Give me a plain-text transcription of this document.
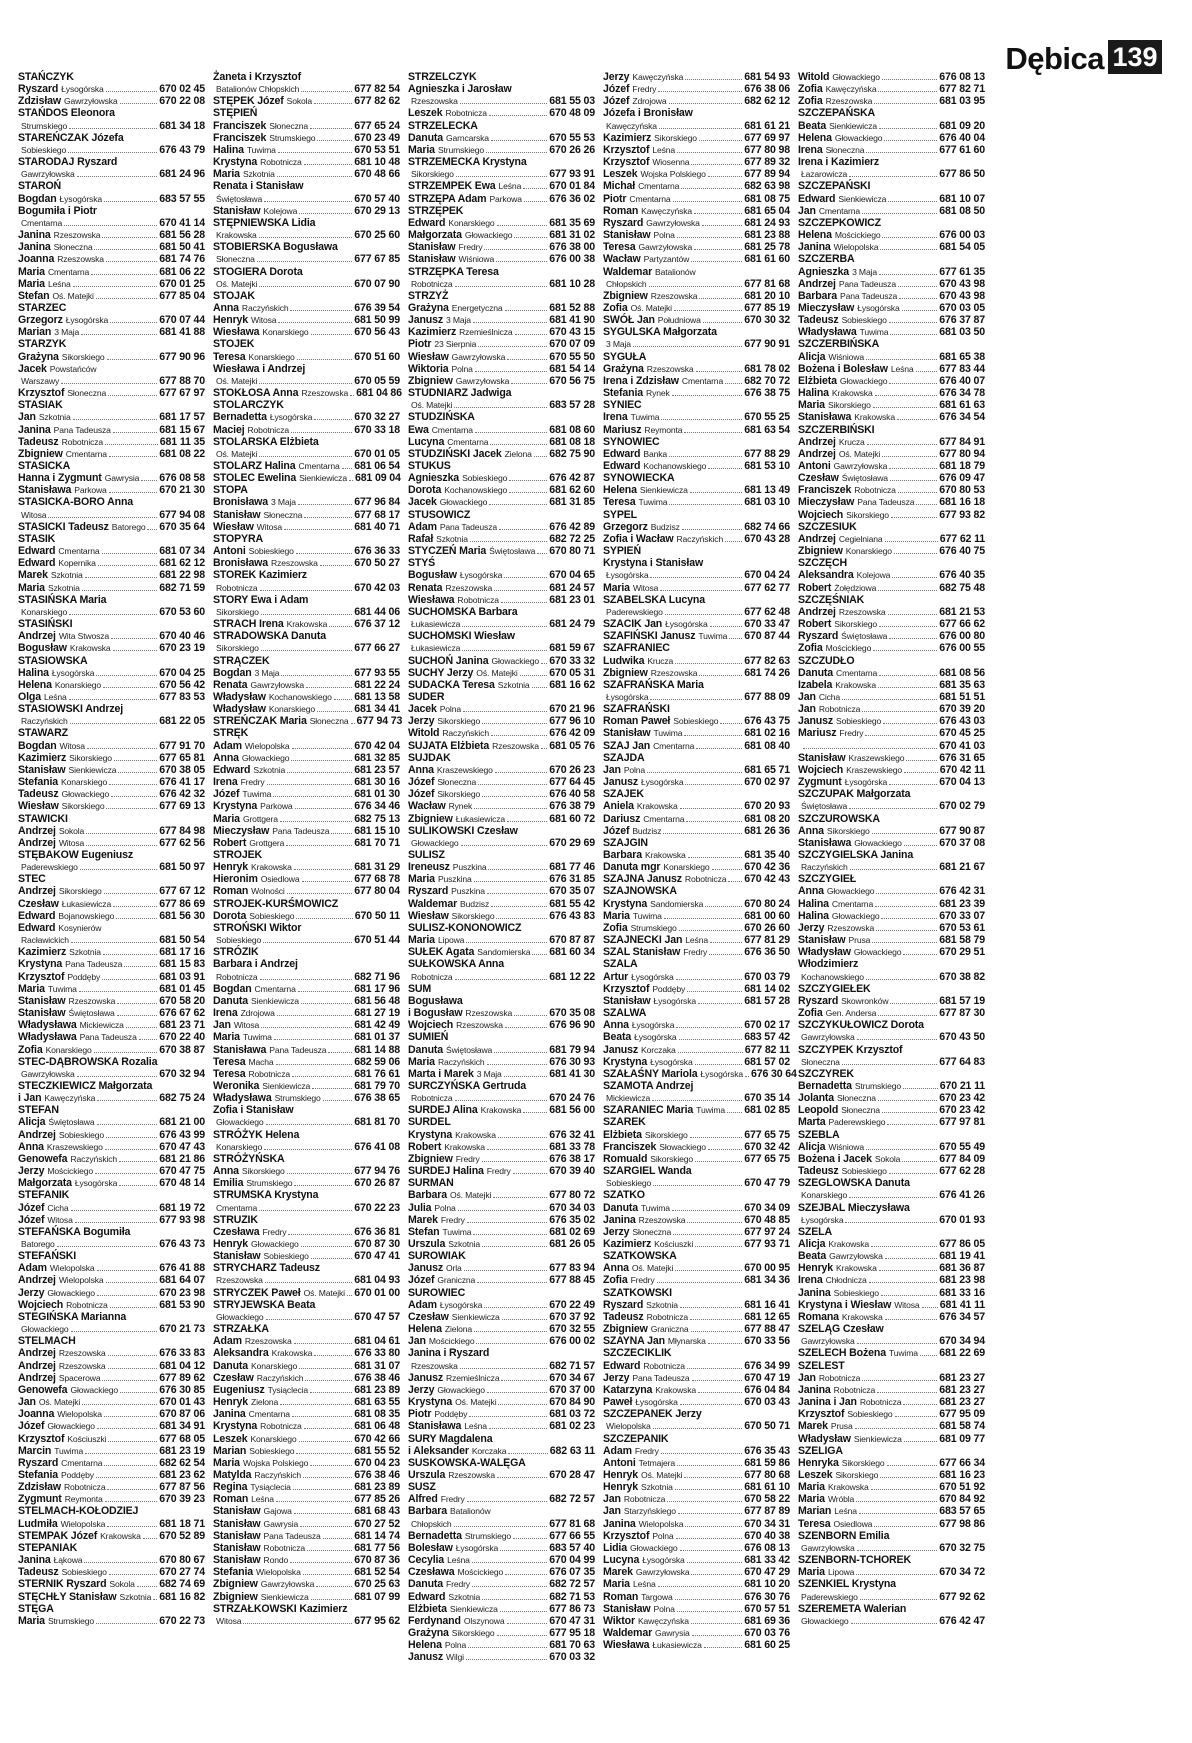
Dębica 139
STAŃCZYK
Ryszard Łysogórska	670 02 45
Zdzisław Gawrzyłowska	670 22 08
STAŃDOS Eleonora
Strumskiego	681 34 18
STAREŃCZAK Józefa
Sobieskiego	676 43 79
STARODAJ Ryszard
Gawrzyłowska	681 24 96
STAROŃ
Bogdan Łysogórska	683 57 55
Bogumiła i Piotr
Cmentarna	670 41 14
Janina Rzeszowska	681 56 28
Janina Słoneczna	681 50 41
Joanna Rzeszowska	681 74 76
Maria Cmentarna	681 06 22
Maria Leśna	670 01 25
Stefan Oś. Matejki	677 85 04
STARZEC
Grzegorz Łysogórska	670 07 44
Marian 3 Maja	681 41 88
STARZYK
Grażyna Sikorskiego	677 90 96
Jacek Powstańców
Warszawy	677 88 70
Krzysztof Słoneczna	677 67 97
STASIAK
Jan Szkotnia	681 17 57
Janina Pana Tadeusza	681 15 67
Tadeusz Robotnicza	681 11 35
Zbigniew Cmentarna	681 08 22
STASICKA
Hanna i Zygmunt Gawrysia 676 08 58
Stanisława Parkowa	670 21 30
STASICKA-BORO Anna
Witosa	677 94 08
STASICKI Tadeusz Batorego 670 35 64
STASIK
Edward Cmentarna	681 07 34
Edward Kopernika	681 62 12
Marek Szkotnia	681 22 98
Maria Szkotnia	682 71 59
STASIŃSKA Maria
Konarskiego	670 53 60
STASIŃSKI
Andrzej Wita Stwosza	670 40 46
Bogusław Krakowska	670 23 19
STASIOWSKA
Halina Łysogórska	670 04 25
Helena Konarskiego	670 56 42
Olga Leśna	677 83 53
STASIOWSKI Andrzej
Raczyńskich	681 22 05
STAWARZ
Bogdan Witosa	677 91 70
Kazimierz Sikorskiego	677 65 81
Stanisław Sienkiewicza	670 38 05
Stefania Konarskiego	676 41 17
Tadeusz Głowackiego	676 42 32
Wiesław Sikorskiego	677 69 13
STAWICKI
Andrzej Sokola	677 84 98
Andrzej Witosa	677 62 56
STĘBAKOW Eugeniusz
Paderewskiego	681 50 97
STEC
Andrzej Sikorskiego	677 67 12
Czesław Łukasiewicza	677 86 69
Edward Bojanowskiego	681 56 30
Edward Kosynierów
Racławickich	681 50 54
Kazimierz Szkotnia	681 17 16
Krystyna Pana Tadeusza	681 15 83
Krzysztof Poddęby	681 03 91
Maria Tuwima	681 01 45
Stanisław Rzeszowska	670 58 20
Stanisław Świętosława	676 67 62
Władysława Mickiewicza	681 23 71
Władysława Pana Tadeusza 670 22 40
Zofia Konarskiego	670 38 87
STEC-DĄBROWSKA Rozalia
Gawrzyłowska	670 32 94
STECZKIEWICZ Małgorzata
i Jan Kawęczyńska	682 75 24
STEFAN
Alicja Świętosława	681 21 00
Andrzej Sobieskiego	676 43 99
Anna Kraszewskiego	670 47 43
Genowefa Raczyńskich	681 21 86
Jerzy Mościckiego	670 47 75
Małgorzata Łysogórska	670 48 14
STEFANIK
Józef Cicha	681 19 72
Józef Witosa	677 93 98
STEFAŃSKA Bogumiła
Batorego	676 43 73
STEFAŃSKI
Adam Wielopolska	676 41 88
Andrzej Wielopolska	681 64 07
Jerzy Głowackiego	670 23 98
Wojciech Robotnicza	681 53 90
STEGIŃSKA Marianna
Głowackiego	670 21 73
STELMACH
Andrzej Rzeszowska	676 33 83
Andrzej Rzeszowska	681 04 12
Andrzej Spacerowa	677 89 62
Genowefa Głowackiego	676 30 85
Jan Oś. Matejki	670 01 43
Joanna Wielopolska	670 87 06
Józef Głowackiego	681 34 91
Krzysztof Kościuszki	677 68 05
Marcin Tuwima	681 23 19
Ryszard Cmentarna	682 62 54
Stefania Poddęby	681 23 62
Zdzisław Robotnicza	677 87 56
Zygmunt Reymonta	670 39 23
STELMACH-KOŁODZIEJ
Ludmiła Wielopolska	681 18 71
STEMPAK Józef Krakowska 670 52 89
STEPANIAK
Janina Łąkowa	670 80 67
Tadeusz Sobieskiego	670 27 74
STERNIK Ryszard Sokola 682 74 69
STĘCHŁY Stanisław Szkotnia 681 16 82
STĘGA
Maria Strumskiego	670 22 73
Żaneta i Krzysztof
Batalionów Chłopskich	677 82 54
STĘPEK Józef Sokola	677 82 62
STĘPIEŃ
Franciszek Słoneczna	677 65 24
Franciszek Strumskiego	670 23 49
Halina Tuwima	670 53 51
Krystyna Robotnicza	681 10 48
Maria Szkotnia	670 48 66
Renata i Stanisław
Świętosława	670 57 40
Stanisław Kolejowa	670 29 13
STĘPNIEWSKA Lidia
Krakowska	670 25 60
STOBIERSKA Bogusława
Słoneczna	677 67 85
STOGIERA Dorota
Oś. Matejki	670 07 90
STOJAK
Anna Raczyńskich	676 39 54
Henryk Witosa	681 50 99
Wiesława Konarskiego	670 56 43
STOJEK
Teresa Konarskiego	670 51 60
Wiesława i Andrzej
Oś. Matejki	670 05 59
STOKŁOSA Anna Rzeszowska 681 04 86
STOLARCZYK
Bernadetta Łysogórska	670 32 27
Maciej Robotnicza	670 33 18
STOLARSKA Elżbieta
Oś. Matejki	670 01 05
STOLARZ Halina Cmentarna 681 06 54
STOLEC Ewelina Sienkiewicza 681 09 04
STOPA
Bronisława 3 Maja	677 96 84
Stanisław Słoneczna	677 68 17
Wiesław Witosa	681 40 71
STOPYRA
Antoni Sobieskiego	676 36 33
Bronisława Rzeszowska	670 50 27
STOREK Kazimierz
Robotnicza	670 42 03
STORY Ewa i Adam
Sikorskiego	681 44 06
STRACH Irena Krakowska	676 37 12
STRADOWSKA Danuta
Sikorskiego	677 66 27
STRĄCZEK
Bogdan 3 Maja	677 93 55
Renata Gawrzyłowska	681 22 24
Władysław Kochanowskiego 681 13 58
Władysław Konarskiego	681 34 41
STREŃCZAK Maria Słoneczna 677 94 73
STRĘK
Adam Wielopolska	670 42 04
Anna Głowackiego	681 32 85
Edward Szkotnia	681 23 57
Irena Fredry	681 30 16
Józef Tuwima	681 01 30
Krystyna Parkowa	676 34 46
Maria Grottgera	682 75 13
Mieczysław Pana Tadeusza 681 15 10
Robert Grottgera	681 70 71
STROJEK
Henryk Krakowska	681 31 29
Hieronim Osiedlowa	677 68 78
Roman Wolności	677 80 04
STROJEK-KURŚMOWICZ
Dorota Sobieskiego	670 50 11
STROŃSKI Wiktor
Sobieskiego	670 51 44
STRÓZIK
Barbara i Andrzej
Robotnicza	682 71 96
Bogdan Cmentarna	681 17 96
Danuta Sienkiewicza	681 56 48
Irena Zdrojowa	681 27 19
Jan Witosa	681 42 49
Maria Tuwima	681 01 37
Stanisława Pana Tadeusza	681 14 88
Teresa Macha	682 59 06
Teresa Robotnicza	681 76 61
Weronika Sienkiewicza	681 79 70
Władysława Strumskiego	676 38 65
Zofia i Stanisław
Głowackiego	681 81 70
STRÓŻYK Helena
Konarskiego	676 41 08
STRÓŻYŃSKA
Anna Sikorskiego	677 94 76
Emilia Strumskiego	670 26 87
STRUMSKA Krystyna
Cmentarna	670 22 23
STRUZIK
Czesława Fredry	676 36 81
Henryk Głowackiego	670 87 30
Stanisław Sobieskiego	670 47 41
STRYCHARZ Tadeusz
Rzeszowska	681 04 93
STRYCZEK Paweł Oś. Matejki 670 01 00
STRYJEWSKA Beata
Głowackiego	670 47 57
STRZAŁKA
Adam Rzeszowska	681 04 61
Aleksandra Krakowska	676 33 80
Danuta Konarskiego	681 31 07
Czesław Raczyńskich	676 38 46
Eugeniusz Tysiąclecia	681 23 89
Henryk Zielona	681 63 55
Janina Cmentarna	681 08 35
Krystyna Robotnicza	681 06 48
Leszek Konarskiego	670 42 66
Marian Sobieskiego	681 55 52
Maria Wojska Polskiego	670 04 23
Matylda Raczyńskich	676 38 46
Regina Tysiąclecia	681 23 89
Roman Leśna	677 85 26
Stanisław Gajowa	681 68 43
Stanisław Gawrysia	670 27 52
Stanisław Pana Tadeusza	681 14 74
Stanisław Robotnicza	681 77 56
Stanisław Rondo	670 87 36
Stefania Wielopolska	681 52 54
Zbigniew Gawrzyłowska	670 25 63
Zbigniew Sienkiewicza	681 07 99
STRZAŁKOWSKI Kazimierz
Witosa	677 95 62
STRZELCZYK
Agnieszka i Jarosław
Rzeszowska	681 55 03
Leszek Robotnicza	670 48 09
STRZELECKA
Danuta Garncarska	670 55 53
Maria Strumskiego	670 26 26
STRZEMECKA Krystyna
Sikorskiego	677 93 91
STRZEMPEK Ewa Leśna	670 01 84
STRZĘPA Adam Parkowa	676 36 02
STRZĘPEK
Edward Konarskiego	681 35 69
Małgorzata Głowackiego	681 31 02
Stanisław Fredry	676 38 00
Stanisław Wiśniowa	676 00 38
STRZĘPKA Teresa
Robotnicza	681 10 28
STRZYŻ
Grażyna Energetyczna	681 52 88
Janusz 3 Maja	681 41 90
Kazimierz Rzemieślnicza	670 43 15
Piotr 23 Sierpnia	670 07 09
Wiesław Gawrzyłowska	670 55 50
Wiktoria Polna	681 54 14
Zbigniew Gawrzyłowska	670 56 75
STUDNIARZ Jadwiga
Oś. Matejki	683 57 28
STUDZIŃSKA
Ewa Cmentarna	681 08 60
Lucyna Cmentarna	681 08 18
STUDZIŃSKI Jacek Zielona 682 75 90
STUKUS
Agnieszka Sobieskiego	676 42 87
Dorota Kochanowskiego	681 62 60
Jacek Głowackiego	681 31 85
STUSOWICZ
Adam Pana Tadeusza	676 42 89
Rafał Szkotnia	682 72 25
STYCZEŃ Maria Świętosława 670 80 71
STYŚ
Bogusław Łysogórska	670 04 65
Renata Rzeszowska	681 24 57
Wiesława Robotnicza	681 23 01
SUCHOMSKA Barbara
Łukasiewicza	681 24 79
SUCHOMSKI Wiesław
Łukasiewicza	681 59 67
SUCHOŃ Janina Głowackiego 670 33 32
SUCHY Jerzy Oś. Matejki	670 05 31
SUDACKA Teresa Szkotnia 681 16 62
SUDER
Jacek Polna	670 21 96
Jerzy Sikorskiego	677 96 10
Witold Raczyńskich	676 42 09
SUJATA Elżbieta Rzeszowska 681 05 76
SUJDAK
Anna Kraszewskiego	670 26 23
Józef Słoneczna	677 64 45
Józef Sikorskiego	676 40 58
Wacław Rynek	676 38 79
Zbigniew Łukasiewicza	681 60 72
SULIKOWSKI Czesław
Głowackiego	670 29 69
SULISZ
Ireneusz Puszkina	681 77 46
Maria Puszkina	676 31 85
Ryszard Puszkina	670 35 07
Waldemar Budzisz	681 55 42
Wiesław Sikorskiego	676 43 83
SULISZ-KONONOWICZ
Maria Lipowa	670 87 87
SUŁEK Agata Sandomierska 681 60 34
SUŁKOWSKA Anna
Robotnicza	681 12 22
SUM
Bogusława
i Bogusław Rzeszowska	670 35 08
Wojciech Rzeszowska	676 96 90
SUMIEŃ
Danuta Świętosława	681 79 94
Maria Raczyńskich	676 30 93
Marta i Marek 3 Maja	681 41 30
SURCZYŃSKA Gertruda
Robotnicza	670 24 76
SURDEJ Alina Krakowska	681 56 00
SURDEL
Krystyna Krakowska	676 32 41
Robert Krakowska	681 33 78
Zbigniew Fredry	676 38 17
SURDEJ Halina Fredry	670 39 40
SURMAN
Barbara Oś. Matejki	677 80 72
Julia Polna	670 34 03
Marek Fredry	676 35 02
Stefan Tuwima	681 02 69
Urszula Szkotnia	681 26 05
SUROWIAK
Janusz Orla	677 83 94
Józef Graniczna	677 88 45
SUROWIEC
Adam Łysogórska	670 22 49
Czesław Sienkiewicza	670 37 92
Helena Zielona	670 32 55
Jan Mościckiego	676 00 02
Janina i Ryszard
Rzeszowska	682 71 57
Janusz Rzemieślnicza	670 34 67
Jerzy Głowackiego	670 37 00
Krystyna Oś. Matejki	670 84 90
Piotr Poddęby	681 03 72
Stanisława Leśna	681 02 23
SURY Magdalena
i Aleksander Korczaka	682 63 11
SUSKOWSKA-WALĘGA
Urszula Rzeszowska	670 28 47
SUSZ
Alfred Fredry	682 72 57
Barbara Batalionów
Chłopskich	677 81 68
Bernadetta Strumskiego	677 66 55
Bolesław Łysogórska	683 57 40
Cecylia Leśna	670 04 99
Czesława Mościckiego	676 07 35
Danuta Fredry	682 72 57
Edward Szkotnia	682 71 53
Elżbieta Sienkiewicza	677 86 73
Ferdynand Olszynowa	670 47 31
Grażyna Sikorskiego	677 95 18
Helena Polna	681 70 63
Janusz Wilgi	670 03 32
Jerzy Kawęczyńska	681 54 93
Józef Fredry	676 38 06
Józef Zdrojowa	682 62 12
Józefa i Bronisław
Kawęczyńska	681 61 21
Kazimierz Sikorskiego	677 69 97
Krzysztof Leśna	677 80 98
Krzysztof Wiosenna	677 89 32
Leszek Wojska Polskiego	677 89 94
Michał Cmentarna	682 63 98
Piotr Cmentarna	681 08 75
Roman Kawęczyńska	681 65 04
Ryszard Gawrzyłowska	681 24 93
Stanisław Polna	681 23 88
Teresa Gawrzyłowska	681 25 78
Wacław Partyzantów	681 61 60
Waldemar Batalionów
Chłopskich	677 81 68
Zbigniew Rzeszowska	681 20 10
Zofia Oś. Matejki	677 85 19
SWÓŁ Jan Południowa	670 30 32
SYGULSKA Małgorzata
3 Maja	677 90 91
SYGUŁA
Grażyna Rzeszowska	681 78 02
Irena i Zdzisław Cmentarna 682 70 72
Stefania Rynek	676 38 75
SYNIEC
Irena Tuwima	670 55 25
Mariusz Reymonta	681 63 54
SYNOWIEC
Edward Banka	677 88 29
Edward Kochanowskiego	681 53 10
SYNOWIECKA
Helena Sienkiewicza	681 13 49
Teresa Tuwima	681 03 10
SYPEL
Grzegorz Budzisz	682 74 66
Zofia i Wacław Raczyńskich 670 43 28
SYPIEŃ
Krystyna i Stanisław
Łysogórska	670 04 24
Maria Witosa	677 62 77
SZABELSKA Lucyna
Paderewskiego	677 62 48
SZACIK Jan Łysogórska	670 33 47
SZAFIŃSKI Janusz Tuwima 670 87 44
SZAFRANIEC
Ludwika Krucza	677 82 63
Zbigniew Rzeszowska	681 74 26
SZAFRAŃSKA Maria
Łysogórska	677 88 09
SZAFRAŃSKI
Roman Paweł Sobieskiego 676 43 75
Stanisław Tuwima	681 02 16
SZAJ Jan Cmentarna	681 08 40
SZAJDA
Jan Polna	681 65 71
Janusz Łysogórska	670 02 97
SZAJEK
Aniela Krakowska	670 20 93
Dariusz Cmentarna	681 08 20
Józef Budzisz	681 26 36
SZAJGIN
Barbara Krakowska	681 35 40
Danuta mgr Konarskiego	670 42 36
SZAJNA Janusz Robotnicza 670 42 43
SZAJNOWSKA
Krystyna Sandomierska	670 80 24
Maria Tuwima	681 00 60
Zofia Strumskiego	670 26 60
SZAJNECKI Jan Leśna	677 81 29
SZAL Stanisław Fredry	676 36 50
SZALA
Artur Łysogórska	670 03 79
Krzysztof Poddęby	681 14 02
Stanisław Łysogórska	681 57 28
SZALWA
Anna Łysogórska	670 02 17
Beata Łysogórska	683 57 42
Janusz Korczaka	677 82 11
Krystyna Łysogórska	681 57 02
SZAŁAŚNY Mariola Łysogórska 676 30 64
SZAMOTA Andrzej
Mickiewicza	670 35 14
SZARANIEC Maria Tuwima 681 02 85
SZAREK
Elżbieta Sikorskiego	677 65 75
Franciszek Słowackiego	670 32 42
Romuald Sikorskiego	677 65 75
SZARGIEL Wanda
Sobieskiego	670 47 79
SZATKO
Danuta Tuwima	670 34 09
Janina Rzeszowska	670 48 85
Jerzy Słoneczna	677 97 24
Kazimierz Kościuszki	677 93 71
SZATKOWSKA
Anna Oś. Matejki	670 00 95
Zofia Fredry	681 34 36
SZATKOWSKI
Ryszard Szkotnia	681 16 41
Tadeusz Robotnicza	681 12 65
Zbigniew Graniczna	677 88 47
SZAYNA Jan Młynarska	670 33 56
SZCZECIKLIK
Edward Robotnicza	676 34 99
Jerzy Pana Tadeusza	670 47 19
Katarzyna Krakowska	676 04 84
Paweł Łysogórska	670 03 43
SZCZEPANEK Jerzy
Wielopolska	670 50 71
SZCZEPANIK
Adam Fredry	676 35 43
Antoni Tetmajera	681 59 86
Henryk Oś. Matejki	677 80 68
Henryk Szkotnia	681 61 10
Jan Robotnicza	670 58 22
Jan Starzyńskiego	677 87 89
Janina Wielopolska	670 34 31
Krzysztof Polna	670 40 38
Lidia Głowackiego	676 08 13
Lucyna Łysogórska	681 33 42
Marek Gawrzyłowska	670 47 29
Maria Leśna	681 10 20
Roman Targowa	676 30 76
Stanisław Polna	670 57 51
Wiktor Kawęczyńska	681 69 36
Waldemar Gawrysia	670 03 76
Wiesława Łukasiewicza	681 60 25
Witold Głowackiego	676 08 13
Zofia Kawęczyńska	677 82 71
Zofia Rzeszowska	681 03 95
SZCZEPAŃSKA
Beata Sienkiewicza	681 09 20
Helena Głowackiego	676 40 04
Irena Słoneczna	677 61 60
Irena i Kazimierz
Łazarowicza	677 86 50
SZCZEPAŃSKI
Edward Sienkiewicza	681 10 07
Jan Cmentarna	681 08 50
SZCZEPKOWICZ
Helena Mościckiego	676 00 03
Janina Wielopolska	681 54 05
SZCZERBA
Agnieszka 3 Maja	677 61 35
Andrzej Pana Tadeusza	670 43 98
Barbara Pana Tadeusza	670 43 98
Mieczysław Łysogórska	670 03 05
Tadeusz Sobieskiego	676 37 87
Władysława Tuwima	681 03 50
SZCZERBIŃSKA
Alicja Wiśniowa	681 65 38
Bożena i Bolesław Leśna 677 83 44
Elżbieta Głowackiego	676 40 07
Halina Krakowska	676 34 78
Maria Sikorskiego	681 61 63
Stanisława Krakowska	676 34 54
SZCZERBIŃSKI
Andrzej Krucza	677 84 91
Andrzej Oś. Matejki	677 80 94
Antoni Gawrzyłowska	681 18 79
Czesław Świętosława	676 09 47
Franciszek Robotnicza	670 80 53
Mieczysław Pana Tadeusza 681 16 18
Wojciech Sikorskiego	677 93 82
SZCZESIUK
Andrzej Cegielniana	677 62 11
Zbigniew Konarskiego	676 40 75
SZCZĘCH
Aleksandra Kolejowa	676 40 35
Robert Żołędziowa	682 75 48
SZCZĘŚNIAK
Andrzej Rzeszowska	681 21 53
Robert Sikorskiego	677 66 62
Ryszard Świętosława	676 00 80
Zofia Mościckiego	676 00 55
SZCZUDŁO
Danuta Cmentarna	681 08 56
Izabela Krakowska	681 35 63
Jan Cicha	681 51 51
Jan Robotnicza	670 39 20
Janusz Sobieskiego	676 43 03
Mariusz Fredry	670 45 25
670 41 03
Stanisław Kraszewskiego	676 31 65
Wojciech Kraszewskiego	670 42 11
Zygmunt Łysogórska	670 04 13
SZCZUPAK Małgorzata
Świętosława	670 02 79
SZCZUROWSKA
Anna Sikorskiego	677 90 87
Stanisława Głowackiego	670 37 08
SZCZYGIELSKA Janina
Raczyńskich	681 21 67
SZCZYGIEŁ
Anna Głowackiego	676 42 31
Halina Cmentarna	681 23 39
Halina Głowackiego	670 33 07
Jerzy Rzeszowska	670 53 61
Stanisław Prusa	681 58 79
Władysław Głowackiego	670 29 51
Włodzimierz
Kochanowskiego	670 38 82
SZCZYGIEŁEK
Ryszard Skowronków	681 57 19
Zofia Gen. Andersa	677 87 30
SZCZYKUŁOWICZ Dorota
Gawrzyłowska	670 43 50
SZCZYPEK Krzysztof
Słoneczna	677 64 83
SZCZYREK
Bernadetta Strumskiego	670 21 11
Jolanta Słoneczna	670 23 42
Leopold Słoneczna	670 23 42
Marta Paderewskiego	677 97 81
SZEBLA
Alicja Wiśniowa	670 55 49
Bożena i Jacek Sokola	677 84 09
Tadeusz Sobieskiego	677 62 28
SZEGLOWSKA Danuta
Konarskiego	676 41 26
SZEJBAL Mieczysława
Łysogórska	670 01 93
SZELA
Alicja Krakowska	677 86 05
Beata Gawrzyłowska	681 19 41
Henryk Krakowska	681 36 87
Irena Chłodnicza	681 23 98
Janina Sobieskiego	681 33 16
Krystyna i Wiesław Witosa 681 41 11
Romana Krakowska	676 34 57
SZELĄG Czesław
Gawrzyłowska	670 34 94
SZELECH Bożena Tuwima 681 22 69
SZELEST
Jan Robotnicza	681 23 27
Janina Robotnicza	681 23 27
Janina i Jan Robotnicza	681 23 27
Krzysztof Sobieskiego	677 95 09
Marek Prusa	681 58 74
Władysław Sienkiewicza	681 09 77
SZELIGA
Henryka Sikorskiego	677 66 34
Leszek Sikorskiego	681 16 23
Maria Krakowska	670 51 92
Maria Wróbla	670 84 92
Marian Leśna	683 57 65
Teresa Osiedlowa	677 98 86
SZENBORN Emilia
Gawrzyłowska	670 32 75
SZENBORN-TCHOREK
Maria Lipowa	670 34 72
SZENKIEL Krystyna
Paderewskiego	677 92 62
SZEREMETA Walerian
Głowackiego	676 42 47
